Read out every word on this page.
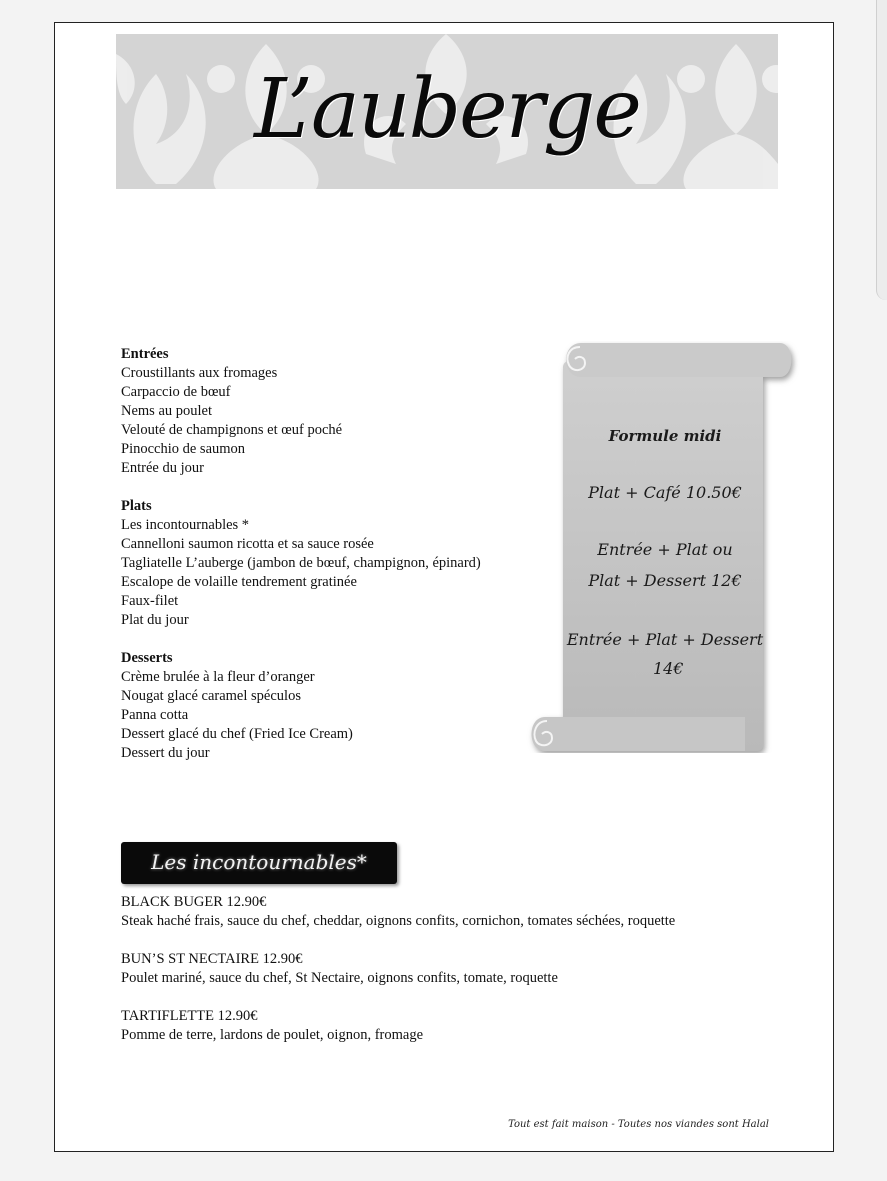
L’auberge
Entrées
Croustillants aux fromages
Carpaccio de bœuf
Nems au poulet
Velouté de champignons et œuf poché
Pinocchio de saumon
Entrée du jour
Plats
Les incontournables *
Cannelloni saumon ricotta et sa sauce rosée
Tagliatelle L’auberge (jambon de bœuf, champignon, épinard)
Escalope de volaille tendrement gratinée
Faux-filet
Plat du jour
Desserts
Crème brulée à la fleur d’oranger
Nougat glacé caramel spéculos
Panna cotta
Dessert glacé du chef (Fried Ice Cream)
Dessert du jour
Formule midi
Plat + Café 10.50€
Entrée + Plat ou
Plat + Dessert 12€
Entrée + Plat + Dessert
14€
Les incontournables*
BLACK BUGER 12.90€
Steak haché frais, sauce du chef, cheddar, oignons confits, cornichon, tomates séchées, roquette
BUN’S ST NECTAIRE 12.90€
Poulet mariné, sauce du chef, St Nectaire, oignons confits, tomate, roquette
TARTIFLETTE 12.90€
Pomme de terre, lardons de poulet, oignon, fromage
Tout est fait maison - Toutes nos viandes sont Halal
